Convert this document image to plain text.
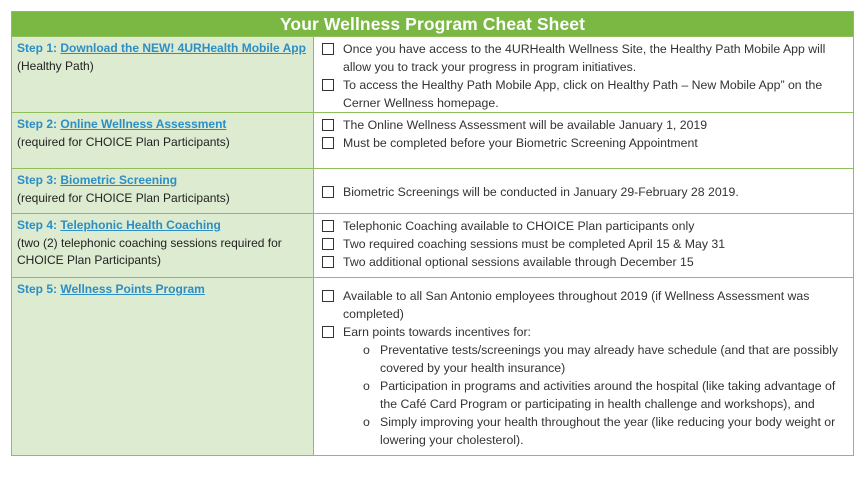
Your Wellness Program Cheat Sheet
Step 1: Download the NEW! 4URHealth Mobile App
(Healthy Path)
Once you have access to the 4URHealth Wellness Site, the Healthy Path Mobile App will allow you to track your progress in program initiatives.
To access the Healthy Path Mobile App, click on Healthy Path – New Mobile App” on the Cerner Wellness homepage.
Step 2: Online Wellness Assessment
(required for CHOICE Plan Participants)
The Online Wellness Assessment will be available January 1, 2019
Must be completed before your Biometric Screening Appointment
Step 3: Biometric Screening
(required for CHOICE Plan Participants)	Biometric Screenings will be conducted in January 29-February 28 2019.
Step 4: Telephonic Health Coaching
(two (2) telephonic coaching sessions required for CHOICE Plan Participants)
Telephonic Coaching available to CHOICE Plan participants only
Two required coaching sessions must be completed April 15 & May 31
Two additional optional sessions available through December 15
Step 5: Wellness Points Program	Available to all San Antonio employees throughout 2019 (if Wellness Assessment was completed)
Earn points towards incentives for:
o Preventative tests/screenings you may already have schedule (and that are possibly covered by your health insurance)
o Participation in programs and activities around the hospital (like taking advantage of the Café Card Program or participating in health challenge and workshops), and
o Simply improving your health throughout the year (like reducing your body weight or lowering your cholesterol).
